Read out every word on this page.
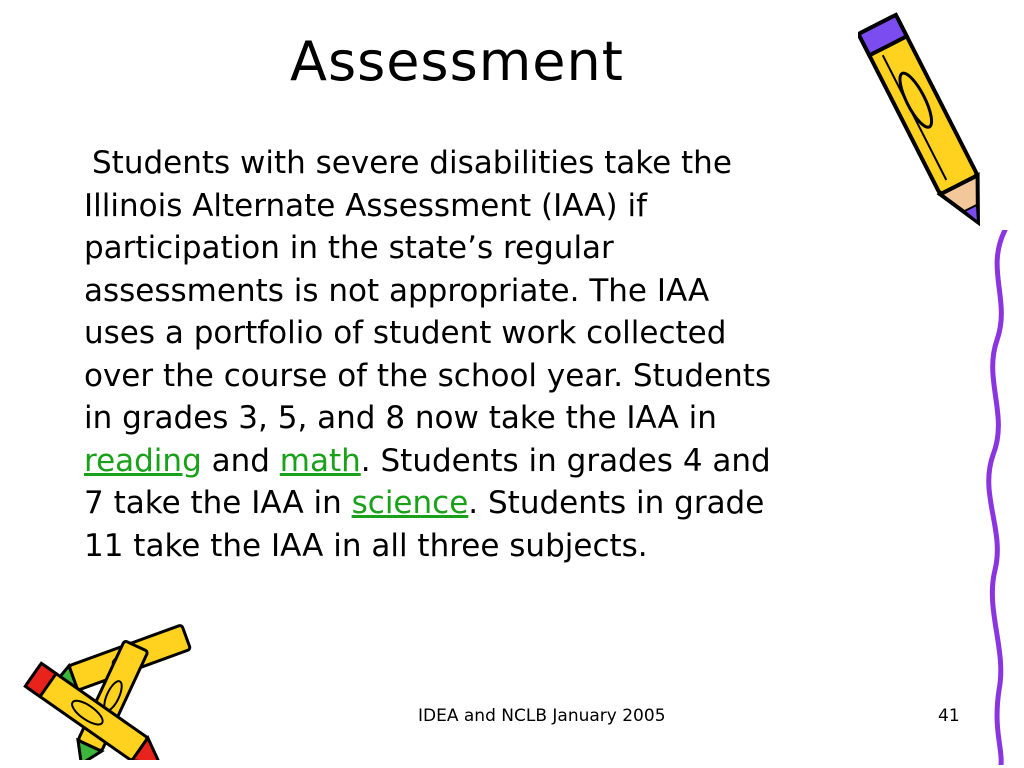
Assessment
Students with severe disabilities take the
Illinois Alternate Assessment (IAA) if
participation in the state’s regular
assessments is not appropriate. The IAA
uses a portfolio of student work collected
over the course of the school year. Students
in grades 3, 5, and 8 now take the IAA in
reading and math. Students in grades 4 and
7 take the IAA in science. Students in grade
11 take the IAA in all three subjects.
IDEA and NCLB January 2005	41
